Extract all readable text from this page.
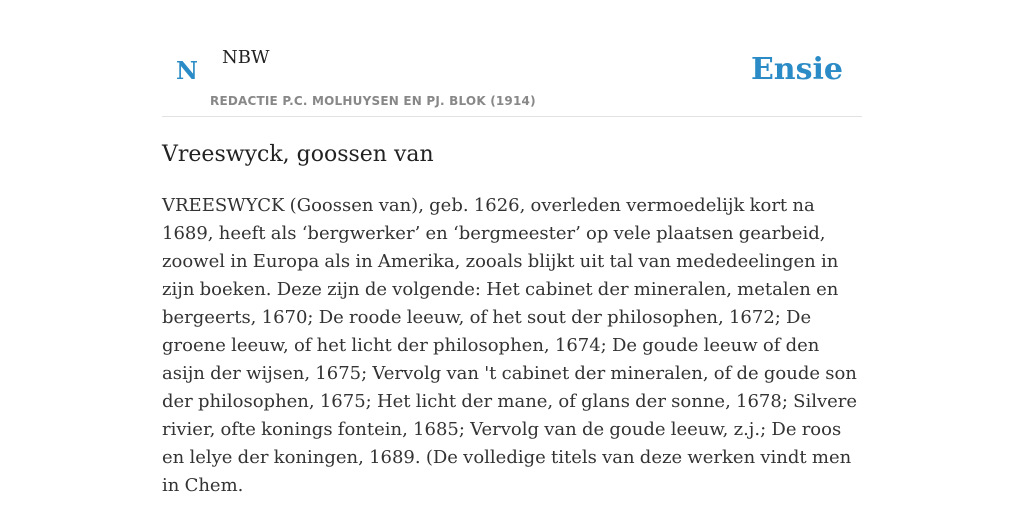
N NBW
REDACTIE P.C. MOLHUYSEN EN PJ. BLOK (1914)
Ensie
Vreeswyck, goossen van

VREESWYCK (Goossen van), geb. 1626, overleden vermoedelijk kort na 1689, heeft als ‘bergwerker’ en ‘bergmeester’ op vele plaatsen gearbeid, zoowel in Europa als in Amerika, zooals blijkt uit tal van mededeelingen in zijn boeken. Deze zijn de volgende: Het cabinet der mineralen, metalen en bergeerts, 1670; De roode leeuw, of het sout der philosophen, 1672; De groene leeuw, of het licht der philosophen, 1674; De goude leeuw of den asijn der wijsen, 1675; Vervolg van 't cabinet der mineralen, of de goude son der philosophen, 1675; Het licht der mane, of glans der sonne, 1678; Silvere rivier, ofte konings fontein, 1685; Vervolg van de goude leeuw, z.j.; De roos en lelye der koningen, 1689. (De volledige titels van deze werken vindt men in Chem.
